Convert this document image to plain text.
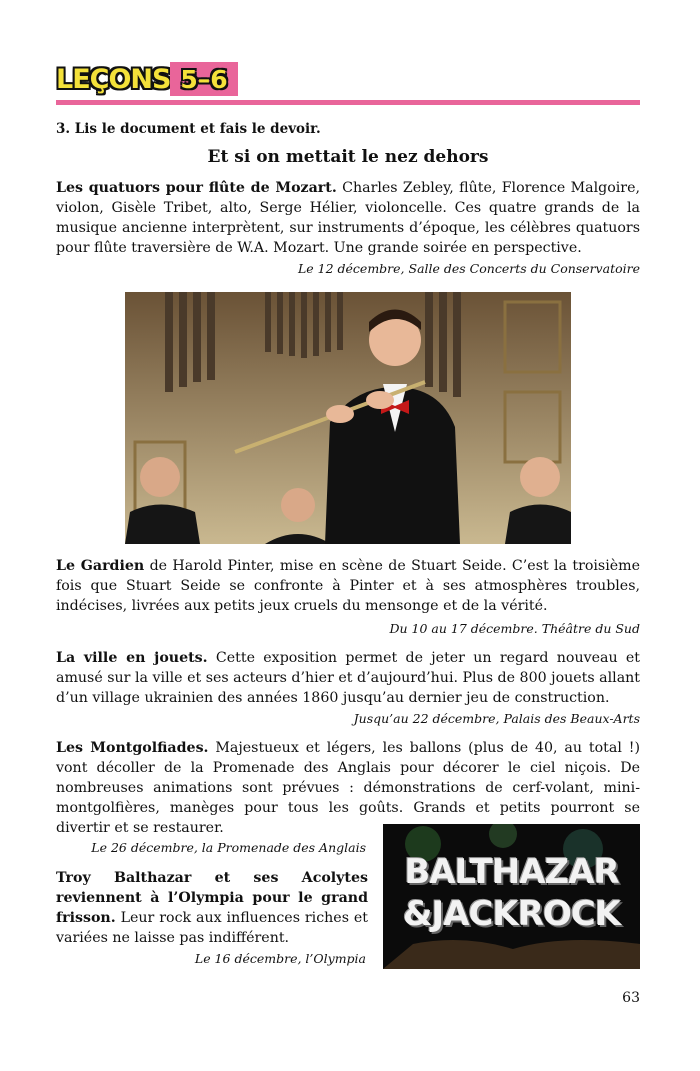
LEÇONS 5–6
3. Lis le document et fais le devoir.
Et si on mettait le nez dehors
Les quatuors pour flûte de Mozart. Charles Zebley, flûte, Florence Malgoire, violon, Gisèle Tribet, alto, Serge Hélier, violoncelle. Ces quatre grands de la musique ancienne interprètent, sur instruments d’époque, les célèbres quatuors pour flûte traversière de W.A. Mozart. Une grande soirée en perspective.
Le 12 décembre, Salle des Concerts du Conservatoire
Le Gardien de Harold Pinter, mise en scène de Stuart Seide. C’est la troisième fois que Stuart Seide se confronte à Pinter et à ses atmosphères troubles, indécises, livrées aux petits jeux cruels du mensonge et de la vérité.
Du 10 au 17 décembre. Théâtre du Sud
La ville en jouets. Cette exposition permet de jeter un regard nouveau et amusé sur la ville et ses acteurs d’hier et d’aujourd’hui. Plus de 800 jouets allant d’un village ukrainien des années 1860 jusqu’au dernier jeu de construction.
Jusqu’au 22 décembre, Palais des Beaux-Arts
Les Montgolfiades. Majestueux et légers, les ballons (plus de 40, au total !) vont décoller de la Promenade des Anglais pour décorer le ciel niçois. De nombreuses animations sont prévues : démonstrations de cerf-volant, mini-montgolfières, manèges pour tous les goûts. Grands et petits pourront se divertir et se restaurer.
Le 26 décembre, la Promenade des Anglais
Troy Balthazar et ses Acolytes reviennent à l’Olympia pour le grand frisson. Leur rock aux influences riches et variées ne laisse pas indifférent.
Le 16 décembre, l’Olympia
BALTHAZAR
&JACKROCK
63
